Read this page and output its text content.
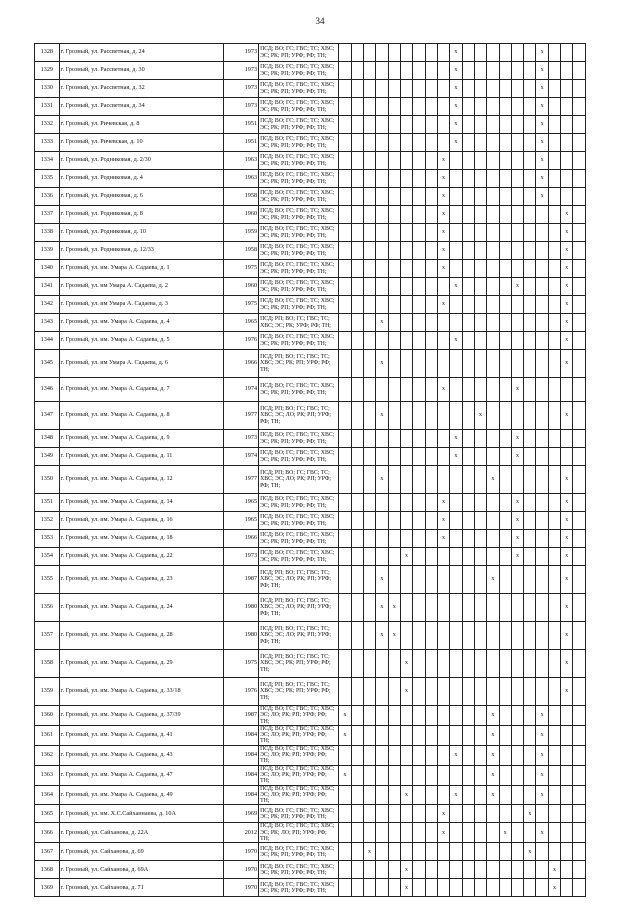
34
1328	г. Грозный, ул. Рассветная, д. 24	1973	ПСД; ВО; ГС; ГВС; ТС; ХВС; ЭС; РК; РП; УРФ; РФ; ТН;										x							x			
1329	г. Грозный, ул. Рассветная, д. 30	1973	ПСД; ВО; ГС; ГВС; ТС; ХВС; ЭС; РК; РП; УРФ; РФ; ТН;										x							x			
1330	г. Грозный, ул. Рассветная, д. 32	1973	ПСД; ВО; ГС; ГВС; ТС; ХВС; ЭС; РК; РП; УРФ; РФ; ТН;										x							x			
1331	г. Грозный, ул. Рассветная, д. 34	1973	ПСД; ВО; ГС; ГВС; ТС; ХВС; ЭС; РК; РП; УРФ; РФ; ТН;										x							x			
1332	г. Грозный, ул. Ричевская, д. 8	1951	ПСД; ВО; ГС; ГВС; ТС; ХВС; ЭС; РК; РП; УРФ; РФ; ТН;										x							x			
1333	г. Грозный, ул. Ричевская, д. 10	1951	ПСД; ВО; ГС; ГВС; ТС; ХВС; ЭС; РК; РП; УРФ; РФ; ТН;										x							x			
1334	г. Грозный, ул. Родниковая, д. 2/30	1963	ПСД; ВО; ГС; ГВС; ТС; ХВС; ЭС; РК; РП; УРФ; РФ; ТН;									x								x			
1335	г. Грозный, ул. Родниковая, д. 4	1963	ПСД; ВО; ГС; ГВС; ТС; ХВС; ЭС; РК; РП; УРФ; РФ; ТН;									x								x			
1336	г. Грозный, ул. Родниковая, д. 6	1958	ПСД; ВО; ГС; ГВС; ТС; ХВС; ЭС; РК; РП; УРФ; РФ; ТН;									x								x			
1337	г. Грозный, ул. Родниковая, д. 8	1960	ПСД; ВО; ГС; ГВС; ТС; ХВС; ЭС; РК; РП; УРФ; РФ; ТН;									x										x	
1338	г. Грозный, ул. Родниковая, д. 10	1959	ПСД; ВО; ГС; ГВС; ТС; ХВС; ЭС; РК; РП; УРФ; РФ; ТН;									x										x	
1339	г. Грозный, ул. Родниковая, д. 12/33	1958	ПСД; ВО; ГС; ГВС; ТС; ХВС; ЭС; РК; РП; УРФ; РФ; ТН;									x										x	
1340	г. Грозный, ул. им. Умара А. Садаева, д. 1	1975	ПСД; ВО; ГС; ГВС; ТС; ХВС; ЭС; РК; РП; УРФ; РФ; ТН;									x										x	
1341	г. Грозный, ул. им Умара А. Садаева, д. 2	1960	ПСД; ВО; ГС; ГВС; ТС; ХВС; ЭС; РК; РП; УРФ; РФ; ТН;										x					x				x	
1342	г. Грозный, ул. им Умара А. Садаева, д. 3	1975	ПСД; ВО; ГС; ГВС; ТС; ХВС; ЭС; РК; РП; УРФ; РФ; ТН;									x										x	
1343	г. Грозный, ул. им. Умара А. Садаева, д. 4	1965	ПСД; РП; ВО; ГС; ГВС; ТС; ХВС; ЭС; РК; УРФ; РФ; ТН;				x															x	
1344	г. Грозный, ул. им. Умара А. Садаева, д. 5	1976	ПСД; ВО; ГС; ГВС; ТС; ХВС; ЭС; РК; РП; УРФ; РФ; ТН;										x									x	
1345	г. Грозный, ул. им Умара А. Садаева, д. 6	1966	ПСД; РП; ВО; ГС; ГВС; ТС; ХВС; ЭС; РК; РП; УРФ; РФ; ТН;				x															x	
1346	г. Грозный, ул. им. Умара А. Садаева, д. 7	1974	ПСД; ВО; ГС; ГВС; ТС; ХВС; ЭС; РК; РП; УРФ; РФ; ТН;									x						x					
1347	г. Грозный, ул. им. Умара А. Садаева, д. 8	1977	ПСД; РП; ВО; ГС; ГВС; ТС; ХВС; ЭС; ЛО; РК; РП; УРФ; РФ; ТН;				x								x							x	
1348	г. Грозный, ул. им. Умара А. Садаева, д. 9	1973	ПСД; ВО; ГС; ГВС; ТС; ХВС; ЭС; РК; РП; УРФ; РФ; ТН;										x					x					
1349	г. Грозный, ул. им. Умара А. Садаева, д. 11	1974	ПСД; ВО; ГС; ГВС; ТС; ХВС; ЭС; РК; РП; УРФ; РФ; ТН;										x					x					
1350	г. Грозный, ул. им. Умара А. Садаева, д. 12	1977	ПСД; РП; ВО; ГС; ГВС; ТС; ХВС; ЭС; ЛО; РК; РП; УРФ; РФ; ТН;				x									x						x	
1351	г. Грозный, ул. им. Умара А. Садаева, д. 14	1965	ПСД; ВО; ГС; ГВС; ТС; ХВС; ЭС; РК; РП; УРФ; РФ; ТН;									x						x				x	
1352	г. Грозный, ул. им. Умара А. Садаева, д. 16	1965	ПСД; ВО; ГС; ГВС; ТС; ХВС; ЭС; РК; РП; УРФ; РФ; ТН;									x						x				x	
1353	г. Грозный, ул. им. Умара А. Садаева, д. 18	1966	ПСД; ВО; ГС; ГВС; ТС; ХВС; ЭС; РК; РП; УРФ; РФ; ТН;									x						x				x	
1354	г. Грозный, ул. им. Умара А. Садаева, д. 22	1973	ПСД; ВО; ГС; ГВС; ТС; ХВС; ЭС; РК; РП; УРФ; РФ; ТН;						x									x				x	
1355	г. Грозный, ул. им. Умара А. Садаева, д. 23	1987	ПСД; РП; ВО; ГС; ГВС; ТС; ХВС; ЭС; ЛО; РК; РП; УРФ; РФ; ТН;				x									x						x	
1356	г. Грозный, ул. им. Умара А. Садаева, д. 24	1980	ПСД; РП; ВО; ГС; ГВС; ТС; ХВС; ЭС; ЛО; РК; РП; УРФ; РФ; ТН;				x	x														x	
1357	г. Грозный, ул. им. Умара А. Садаева, д. 28	1980	ПСД; РП; ВО; ГС; ГВС; ТС; ХВС; ЭС; ЛО; РК; РП; УРФ; РФ; ТН;				x	x														x	
1358	г. Грозный, ул. им. Умара А. Садаева, д. 29	1975	ПСД; РП; ВО; ГС; ГВС; ТС; ХВС; ЭС; РК; РП; УРФ; РФ; ТН;						x													x	
1359	г. Грозный, ул. им. Умара А. Садаева, д. 33/18	1976	ПСД; РП; ВО; ГС; ГВС; ТС; ХВС; ЭС; РК; РП; УРФ; РФ; ТН;						x													x	
1360	г. Грозный, ул. им. Умара А. Садаева, д. 37/39	1987	ПСД; ВО; ГС; ГВС; ТС; ХВС; ЭС; ЛО; РК; РП; УРФ; РФ; ТН;	x												x				x			
1361	г. Грозный, ул. им. Умара А. Садаева, д. 41	1984	ПСД; ВО; ГС; ГВС; ТС; ХВС; ЭС; ЛО; РК; РП; УРФ; РФ; ТН;	x												x				x			
1362	г. Грозный, ул. им. Умара А. Садаева, д. 43	1984	ПСД; ВО; ГС; ГВС; ТС; ХВС; ЭС; ЛО; РК; РП; УРФ; РФ; ТН;										x			x				x			
1363	г. Грозный, ул. им. Умара А. Садаева, д. 47	1984	ПСД; ВО; ГС; ГВС; ТС; ХВС; ЭС; ЛО; РК; РП; УРФ; РФ; ТН;	x												x				x			
1364	г. Грозный, ул. им. Умара А. Садаева, д. 49	1984	ПСД; ВО; ГС; ГВС; ТС; ХВС; ЭС; ЛО; РК; РП; УРФ; РФ; ТН;						x				x			x				x			
1365	г. Грозный, ул. им. Х.С.Сайханнаева, д. 10А	1969	ПСД; ВО; ГС; ГВС; ТС; ХВС; ЭС; РК; РП; УРФ; РФ; ТН;									x							x				
1366	г. Грозный, ул. Сайханова, д. 22А	2012	ПСД; ВО; ГС; ГВС; ТС; ХВС; ЭС; РК; ЛО; РП; УРФ; РФ; ТН;									x					x			x			
1367	г. Грозный, ул. Сайханова, д. 69	1970	ПСД; ВО; ГС; ГВС; ТС; ХВС; ЭС; РК; РП; УРФ; РФ; ТН;			x													x				
1368	г. Грозный, ул. Сайханова, д. 69А	1970	ПСД; ВО; ГС; ГВС; ТС; ХВС; ЭС; РК; РП; УРФ; РФ; ТН;						x												x		
1369	г. Грозный, ул. Сайханова, д. 71	1970	ПСД; ВО; ГС; ГВС; ТС; ХВС; ЭС; РК; РП; УРФ; РФ; ТН;						x												x		
